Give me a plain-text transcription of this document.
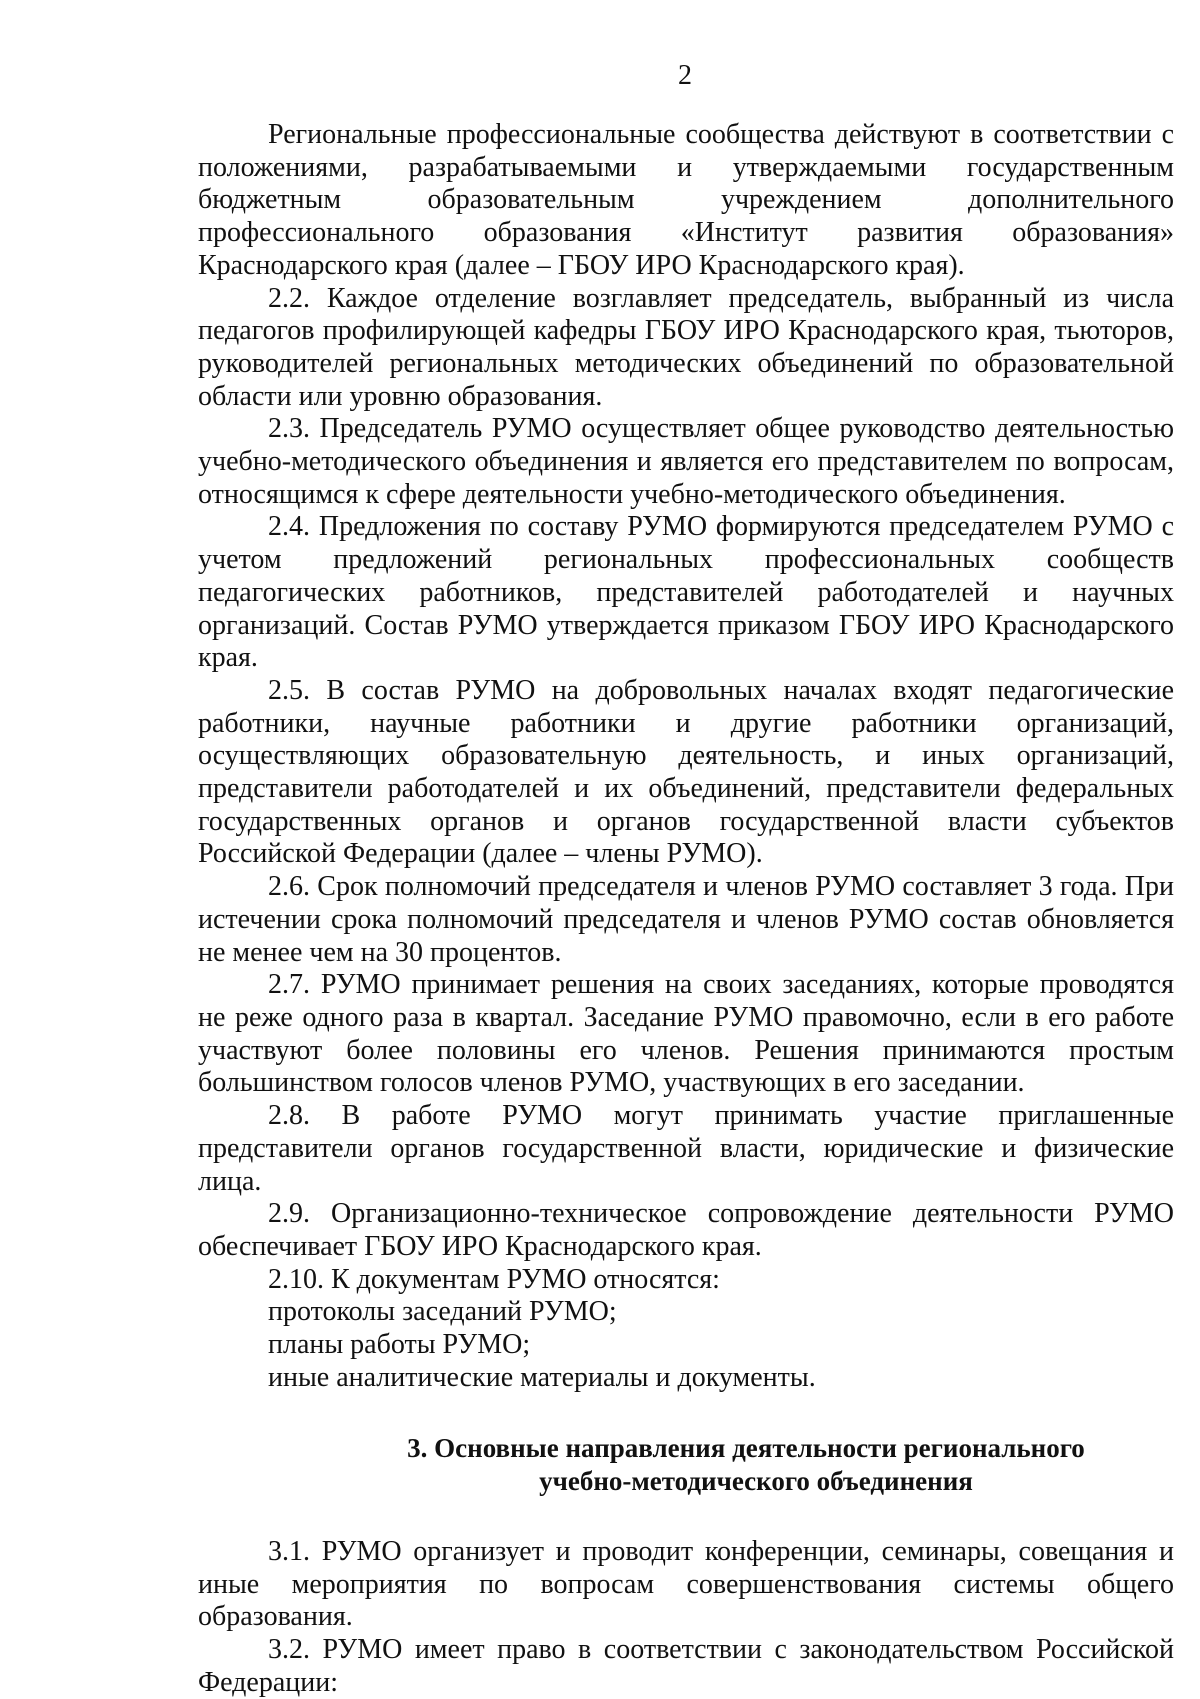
2

Региональные профессиональные сообщества действуют в соответствии с положениями, разрабатываемыми и утверждаемыми государственным бюджетным образовательным учреждением дополнительного профессионального образования «Институт развития образования» Краснодарского края (далее – ГБОУ ИРО Краснодарского края).

2.2. Каждое отделение возглавляет председатель, выбранный из числа педагогов профилирующей кафедры ГБОУ ИРО Краснодарского края, тьюторов, руководителей региональных методических объединений по образовательной области или уровню образования.

2.3. Председатель РУМО осуществляет общее руководство деятельностью учебно-методического объединения и является его представителем по вопросам, относящимся к сфере деятельности учебно-методического объединения.

2.4. Предложения по составу РУМО формируются председателем РУМО с учетом предложений региональных профессиональных сообществ педагогических работников, представителей работодателей и научных организаций. Состав РУМО утверждается приказом ГБОУ ИРО Краснодарского края.

2.5. В состав РУМО на добровольных началах входят педагогические работники, научные работники и другие работники организаций, осуществляющих образовательную деятельность, и иных организаций, представители работодателей и их объединений, представители федеральных государственных органов и органов государственной власти субъектов Российской Федерации (далее – члены РУМО).

2.6. Срок полномочий председателя и членов РУМО составляет 3 года. При истечении срока полномочий председателя и членов РУМО состав обновляется не менее чем на 30 процентов.

2.7. РУМО принимает решения на своих заседаниях, которые проводятся не реже одного раза в квартал. Заседание РУМО правомочно, если в его работе участвуют более половины его членов. Решения принимаются простым большинством голосов членов РУМО, участвующих в его заседании.

2.8. В работе РУМО могут принимать участие приглашенные представители органов государственной власти, юридические и физические лица.

2.9. Организационно-техническое сопровождение деятельности РУМО обеспечивает ГБОУ ИРО Краснодарского края.

2.10. К документам РУМО относятся:

протоколы заседаний РУМО;

планы работы РУМО;

иные аналитические материалы и документы.

3. Основные направления деятельности регионального
учебно-методического объединения

3.1. РУМО организует и проводит конференции, семинары, совещания и иные мероприятия по вопросам совершенствования системы общего образования.

3.2. РУМО имеет право в соответствии с законодательством Российской Федерации:
